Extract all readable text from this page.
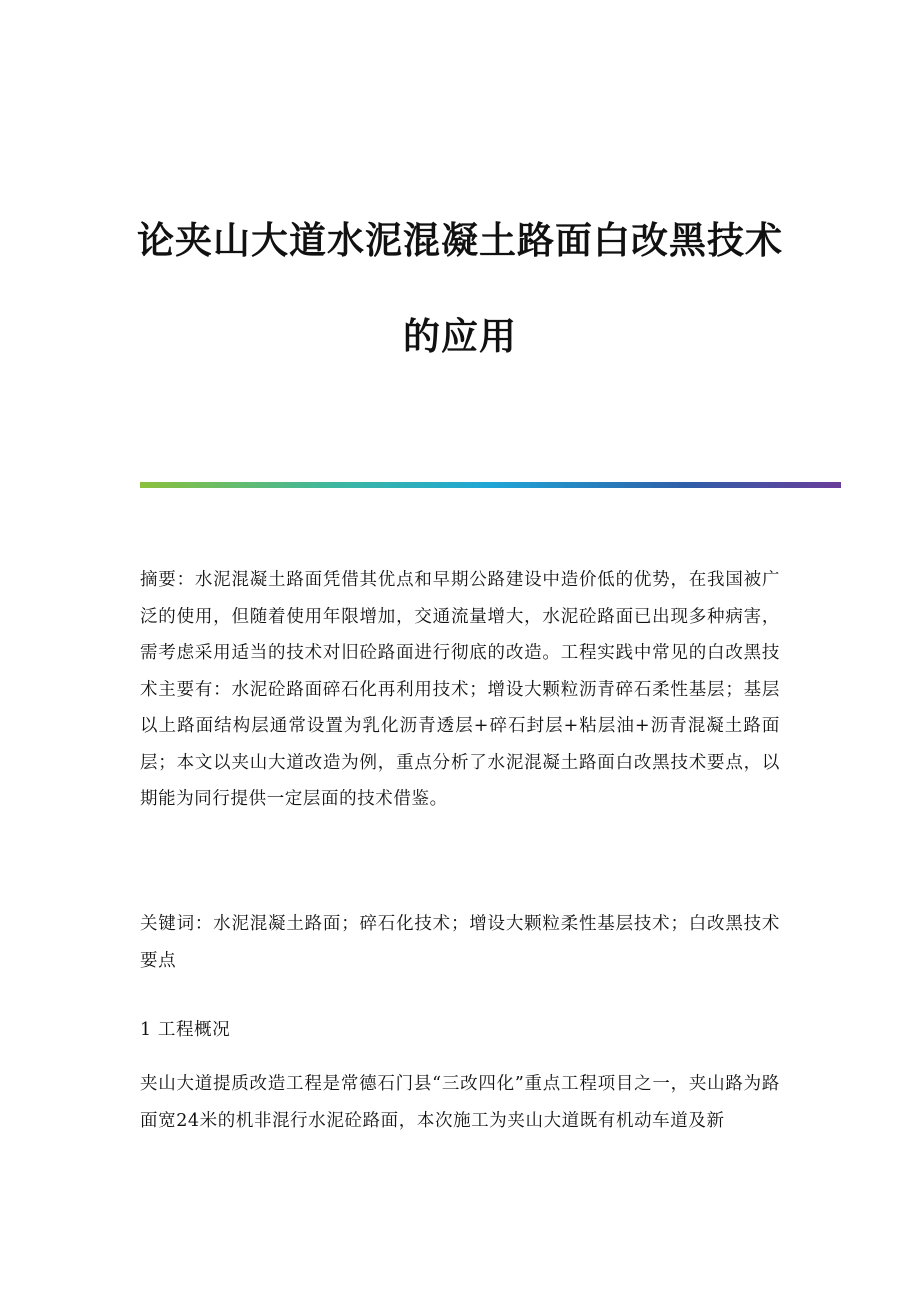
论夹山大道水泥混凝土路面白改黑技术
的应用

摘要：水泥混凝土路面凭借其优点和早期公路建设中造价低的优势，在我国被广泛的使用，但随着使用年限增加，交通流量增大，水泥砼路面已出现多种病害，需考虑采用适当的技术对旧砼路面进行彻底的改造。工程实践中常见的白改黑技术主要有：水泥砼路面碎石化再利用技术；增设大颗粒沥青碎石柔性基层；基层以上路面结构层通常设置为乳化沥青透层+碎石封层+粘层油+沥青混凝土路面层；本文以夹山大道改造为例，重点分析了水泥混凝土路面白改黑技术要点，以期能为同行提供一定层面的技术借鉴。

关键词：水泥混凝土路面；碎石化技术；增设大颗粒柔性基层技术；白改黑技术要点

1 工程概况

夹山大道提质改造工程是常德石门县“三改四化”重点工程项目之一，夹山路为路面宽24米的机非混行水泥砼路面，本次施工为夹山大道既有机动车道及新
